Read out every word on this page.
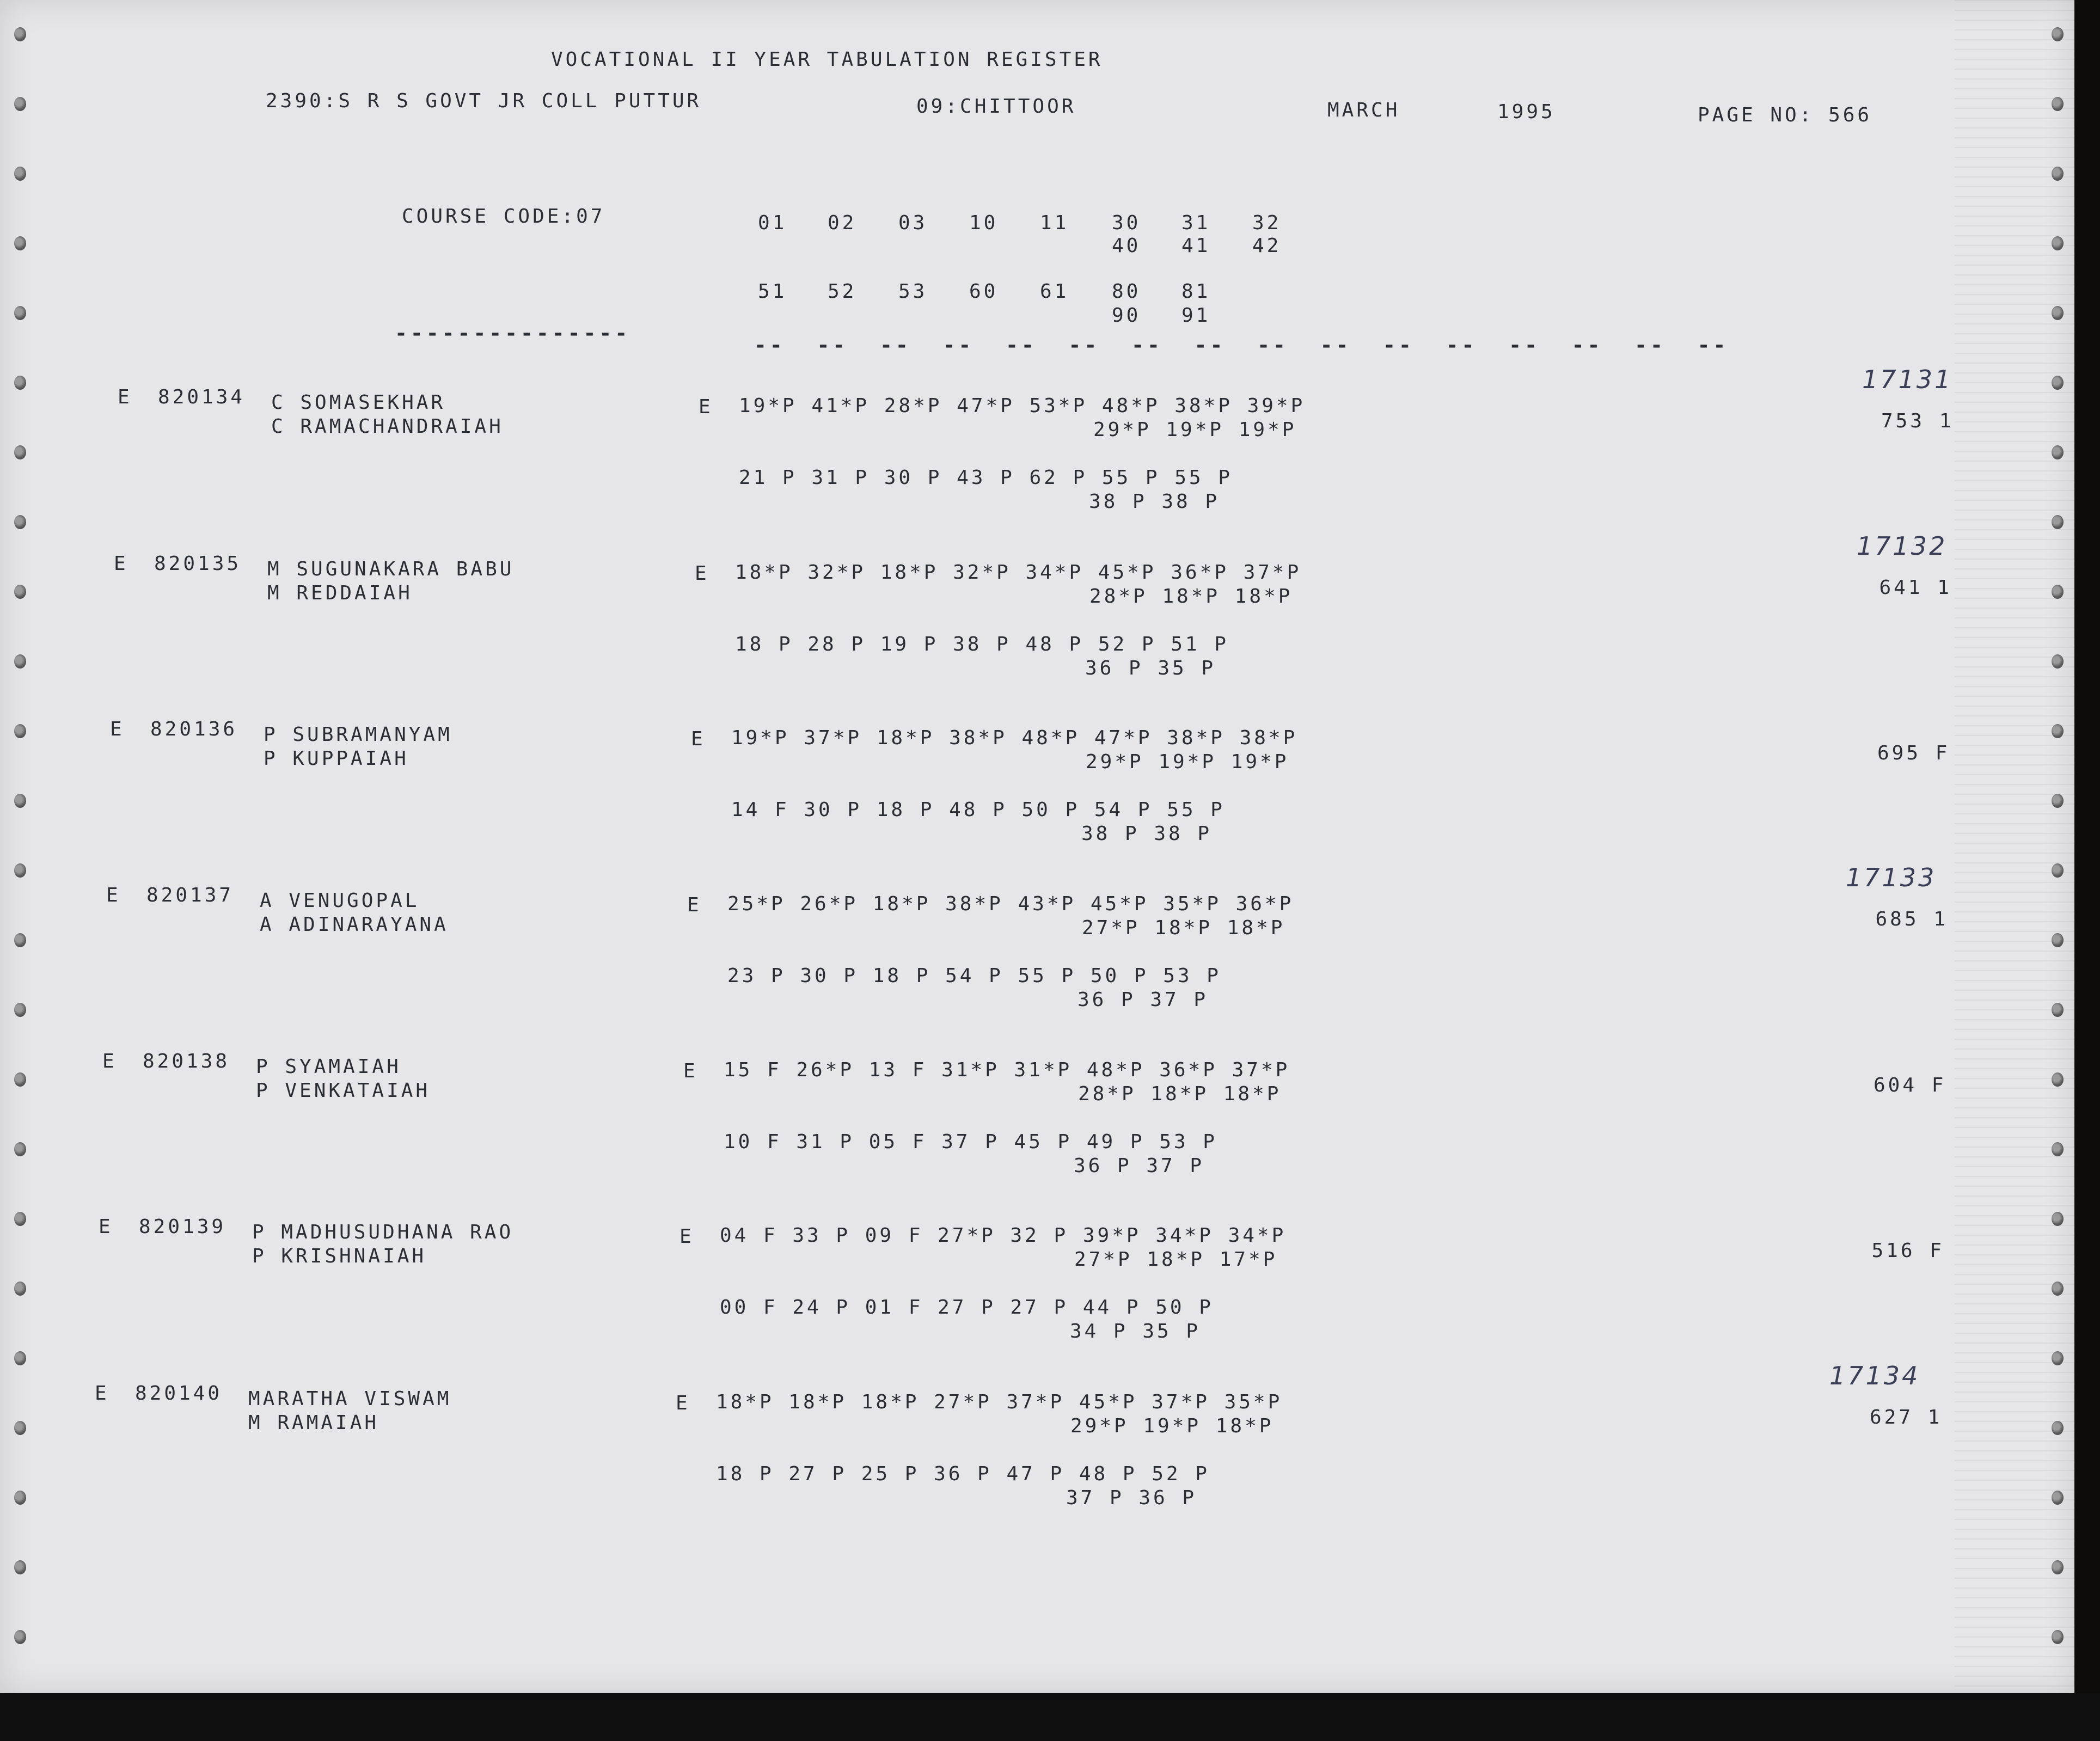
VOCATIONAL II YEAR TABULATION REGISTER
2390:S R S GOVT JR COLL PUTTUR	09:CHITTOOR	MARCH	1995	PAGE NO: 566
COURSE CODE:07	01 02 03 10 11 30 31 32
40 41 42
51 52 53 60 61 80 81
90 91
---------------	--  --  --  --  --  --  --  --  --  --  --  --  --  --  --  --
E 820134 C SOMASEKHAR
C RAMACHANDRAIAH
E 19*P 41*P 28*P 47*P 53*P 48*P 38*P 39*P
29*P 19*P 19*P
21 P 31 P 30 P 43 P 62 P 55 P 55 P
38 P 38 P
753 1
17131
E 820135 M SUGUNAKARA BABU
M REDDAIAH
E 18*P 32*P 18*P 32*P 34*P 45*P 36*P 37*P
28*P 18*P 18*P
18 P 28 P 19 P 38 P 48 P 52 P 51 P
36 P 35 P
641 1
17132
E 820136 P SUBRAMANYAM
P KUPPAIAH
E 19*P 37*P 18*P 38*P 48*P 47*P 38*P 38*P
29*P 19*P 19*P
14 F 30 P 18 P 48 P 50 P 54 P 55 P
38 P 38 P
695 F
E 820137 A VENUGOPAL
A ADINARAYANA
E 25*P 26*P 18*P 38*P 43*P 45*P 35*P 36*P
27*P 18*P 18*P
23 P 30 P 18 P 54 P 55 P 50 P 53 P
36 P 37 P
685 1
17133
E 820138 P SYAMAIAH
P VENKATAIAH
E 15 F 26*P 13 F 31*P 31*P 48*P 36*P 37*P
28*P 18*P 18*P
10 F 31 P 05 F 37 P 45 P 49 P 53 P
36 P 37 P
604 F
E 820139 P MADHUSUDHANA RAO
P KRISHNAIAH
E 04 F 33 P 09 F 27*P 32 P 39*P 34*P 34*P
27*P 18*P 17*P
00 F 24 P 01 F 27 P 27 P 44 P 50 P
34 P 35 P
516 F
E 820140 MARATHA VISWAM
M RAMAIAH
E 18*P 18*P 18*P 27*P 37*P 45*P 37*P 35*P
29*P 19*P 18*P
18 P 27 P 25 P 36 P 47 P 48 P 52 P
37 P 36 P
627 1
17134
